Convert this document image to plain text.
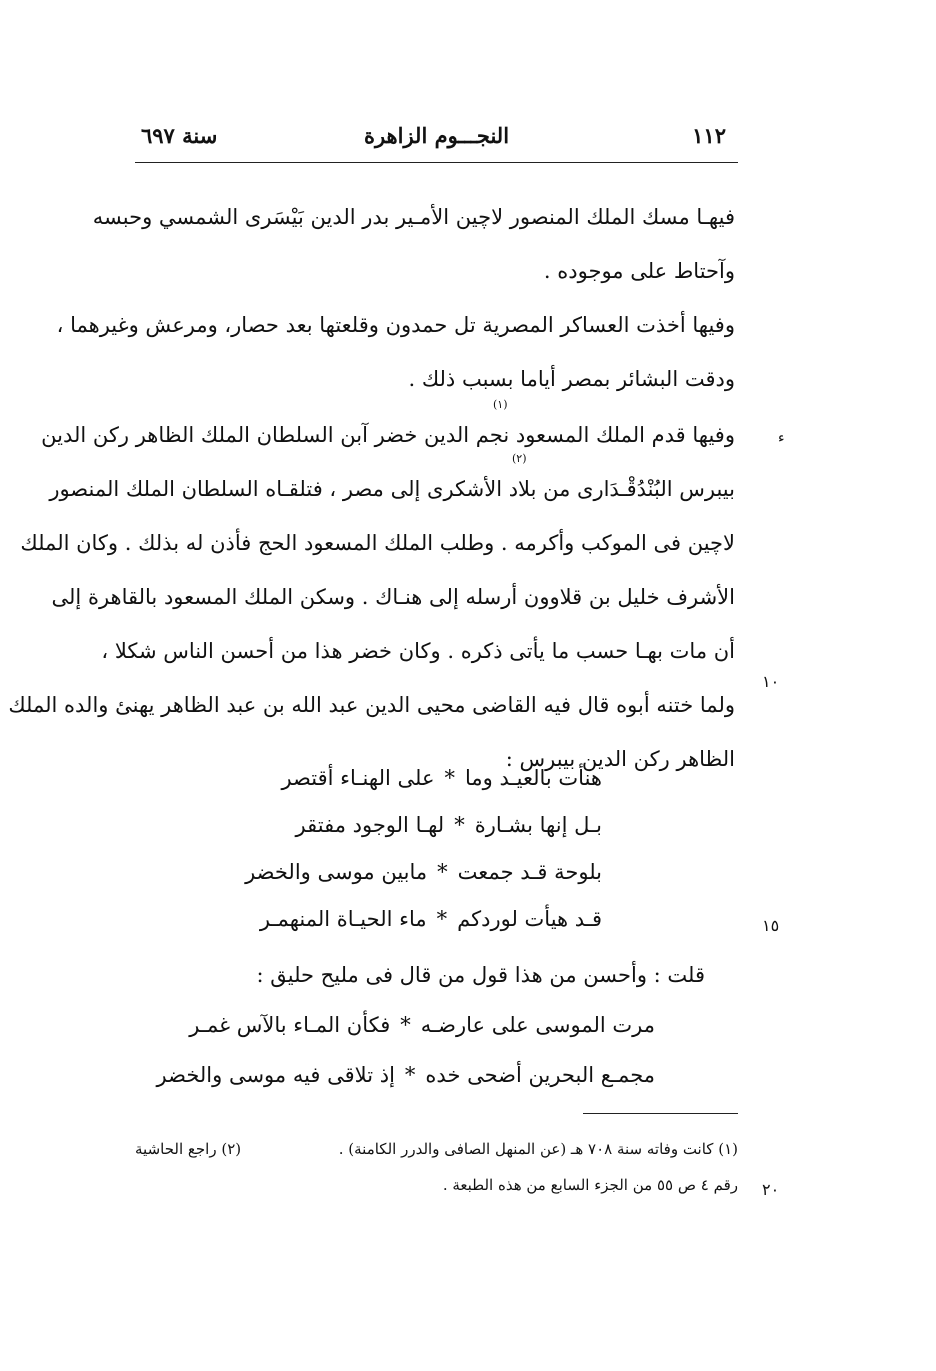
١١٢
النجـــوم الزاهرة
سنة ٦٩٧
فيهـا مسك الملك المنصور لاچين الأمـير بدر الدين بَيْسَرى الشمسي وحبسه
وآحتاط على موجوده .
وفيها أخذت العساكر المصرية تل حمدون وقلعتها بعد حصار، ومرعش وغيرهما ،
ودقت البشائر بمصر أياما بسبب ذلك .
وفيها قدم الملك المسعود نجم الدين خضر آبن السلطان الملك الظاهر ركن الدين
بيبرس البُنْدُقْـدَارى من بلاد الأشكرى إلى مصر ، فتلقـاه السلطان الملك المنصور
لاچين فى الموكب وأكرمه . وطلب الملك المسعود الحج فأذن له بذلك . وكان الملك
الأشرف خليل بن قلاوون أرسله إلى هنـاك . وسكن الملك المسعود بالقاهرة إلى
أن مات بهـا حسب ما يأتى ذكره . وكان خضر هذا من أحسن الناس شكلا ،
ولما ختنه أبوه قال فيه القاضى محيى الدين عبد الله بن عبد الظاهر يهنئ والده الملك
الظاهر ركن الدين بيبرس :
(١)
(٢)
ء
١٠
١٥
٢٠
هنأت بالعيـد وما*على الهنـاء أقتصر
بـل إنها بشـارة*لهـا الوجود مفتقر
بلوحة قـد جمعت*مابين موسى والخضر
قـد هيأت لوردكم*ماء الحيـاة المنهمـر
قلت : وأحسن من هذا قول من قال فى مليح حليق :
مرت الموسى على عارضـه*فكأن المـاء بالآس غمـر
مجمـع البحرين أضحى خده*إذ تلاقى فيه موسى والخضر
(١) كانت وفاته سنة ٧٠٨ هـ (عن المنهل الصافى والدرر الكامنة) .
(٢) راجع الحاشية
رقم ٤ ص ٥٥ من الجزء السابع من هذه الطبعة .
